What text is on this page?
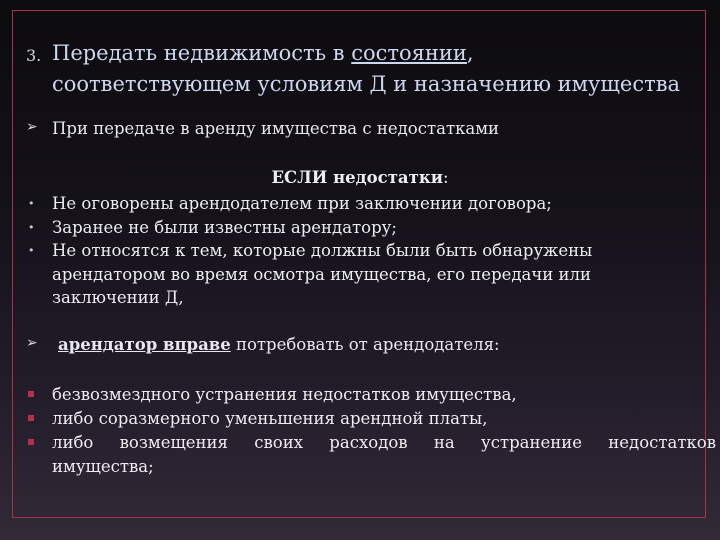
3. Передать недвижимость в состоянии,
соответствующем условиям Д и назначению имущества
➢ При передаче в аренду имущества с недостатками
ЕСЛИ недостатки:
• Не оговорены арендодателем при заключении договора;
• Заранее не были известны арендатору;
• Не относятся к тем, которые должны были быть обнаружены
арендатором во время осмотра имущества, его передачи или
заключении Д,
➢ арендатор вправе потребовать от арендодателя:
безвозмездного устранения недостатков имущества,
либо соразмерного уменьшения арендной платы,
либо возмещения своих расходов на устранение недостатков
имущества;
